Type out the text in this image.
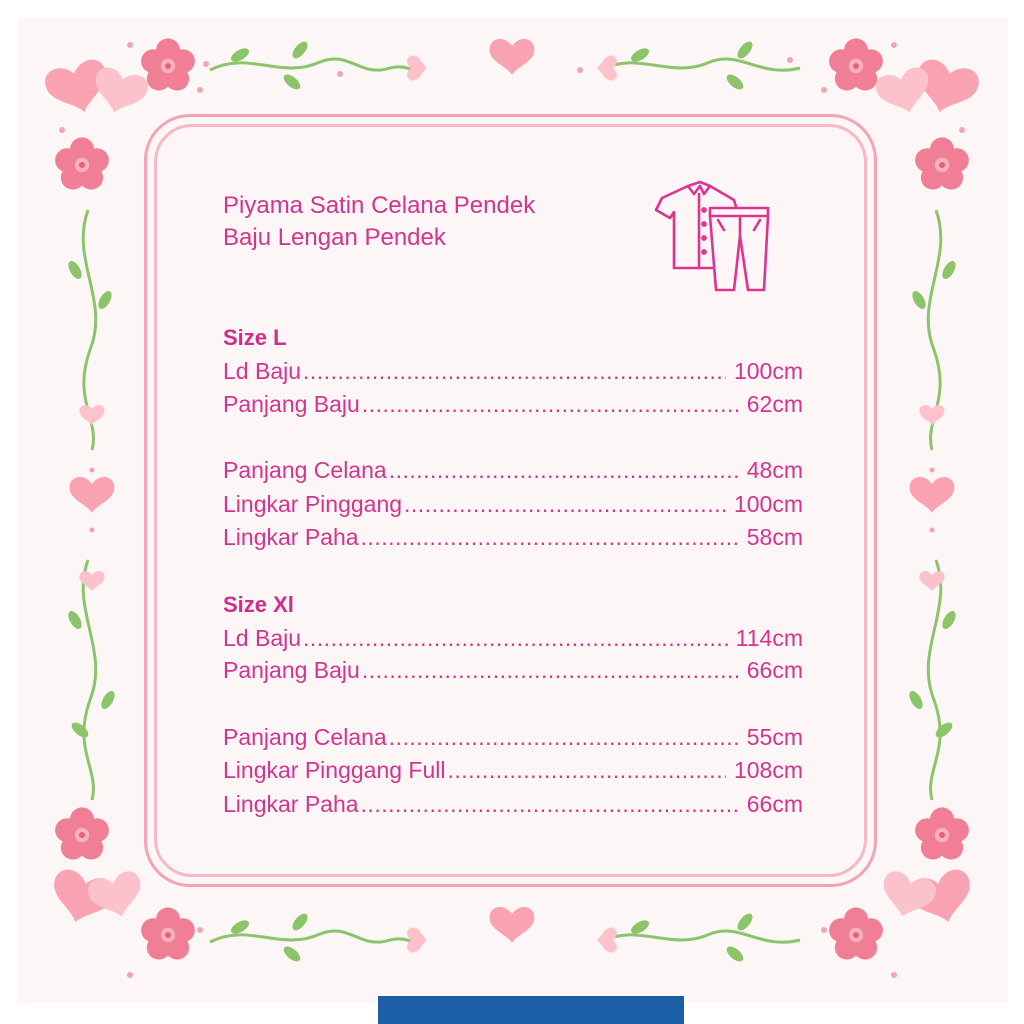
Piyama Satin Celana Pendek
Baju Lengan Pendek
Size L
Ld Baju .....	100cm
Panjang Baju .....	62cm
Panjang Celana .....	48cm
Lingkar Pinggang .....	100cm
Lingkar Paha .....	58cm
Size Xl
Ld Baju .....	114cm
Panjang Baju .....	66cm
Panjang Celana .....	55cm
Lingkar Pinggang Full .....	108cm
Lingkar Paha .....	66cm
